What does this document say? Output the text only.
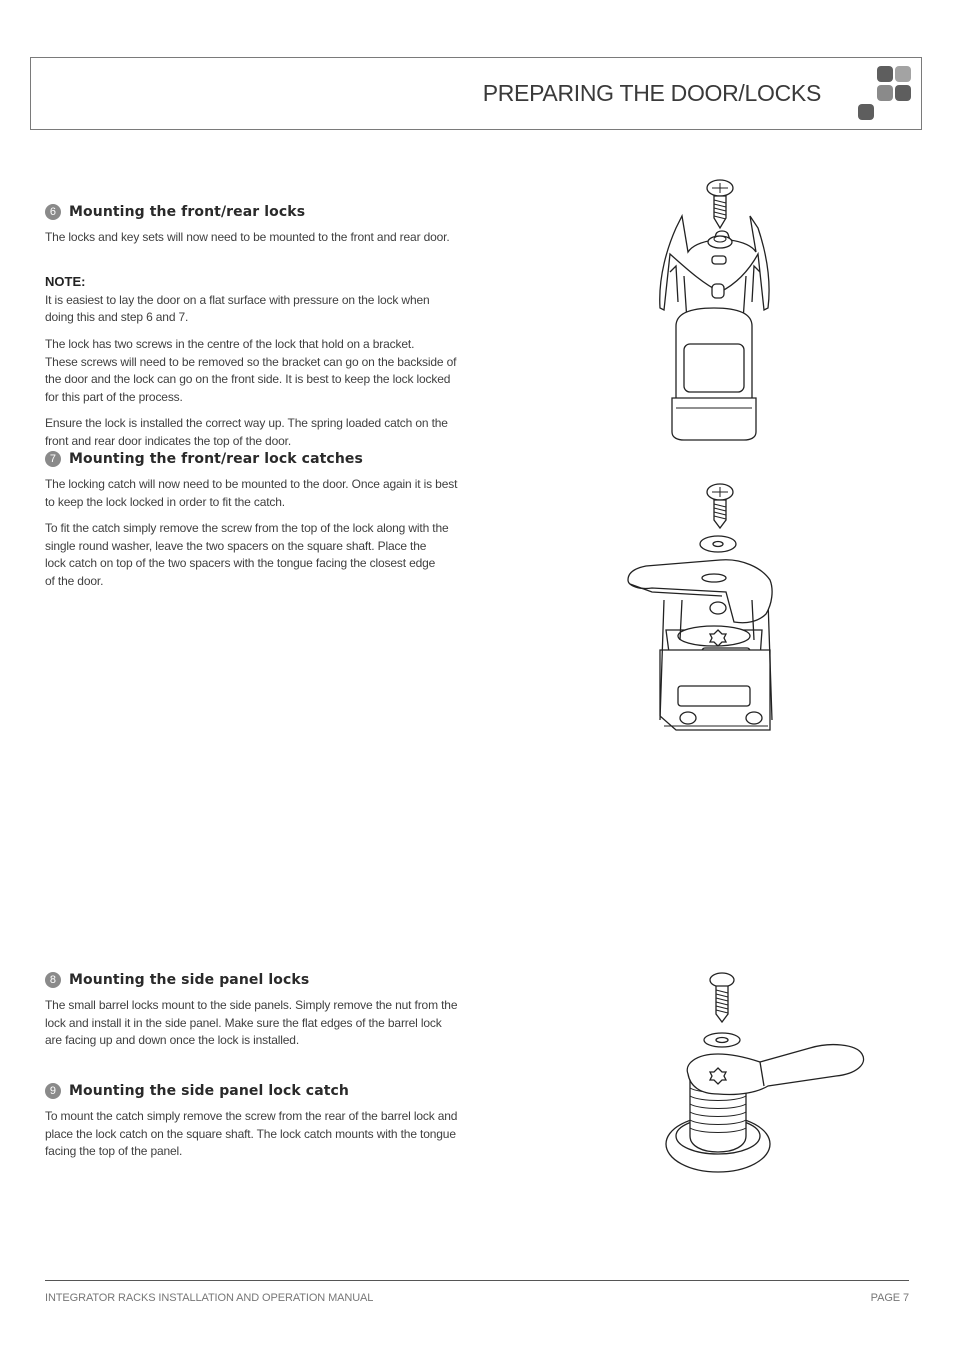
PREPARING THE DOOR/LOCKS
6 Mounting the front/rear locks

The locks and key sets will now need to be mounted to the front and rear door.

NOTE:
It is easiest to lay the door on a flat surface with pressure on the lock when doing this and step 6 and 7.

The lock has two screws in the centre of the lock that hold on a bracket.
These screws will need to be removed so the bracket can go on the backside of the door and the lock can go on the front side. It is best to keep the lock locked for this part of the process.

Ensure the lock is installed the correct way up. The spring loaded catch on the front and rear door indicates the top of the door.

7 Mounting the front/rear lock catches

The locking catch will now need to be mounted to the door. Once again it is best to keep the lock locked in order to fit the catch.

To fit the catch simply remove the screw from the top of the lock along with the single round washer, leave the two spacers on the square shaft. Place the
lock catch on top of the two spacers with the tongue facing the closest edge
of the door.

8 Mounting the side panel locks

The small barrel locks mount to the side panels. Simply remove the nut from the lock and install it in the side panel. Make sure the flat edges of the barrel lock are facing up and down once the lock is installed.

9 Mounting the side panel lock catch

To mount the catch simply remove the screw from the rear of the barrel lock and place the lock catch on the square shaft. The lock catch mounts with the tongue facing the top of the panel.

INTEGRATOR RACKS INSTALLATION AND OPERATION MANUAL	PAGE 7
